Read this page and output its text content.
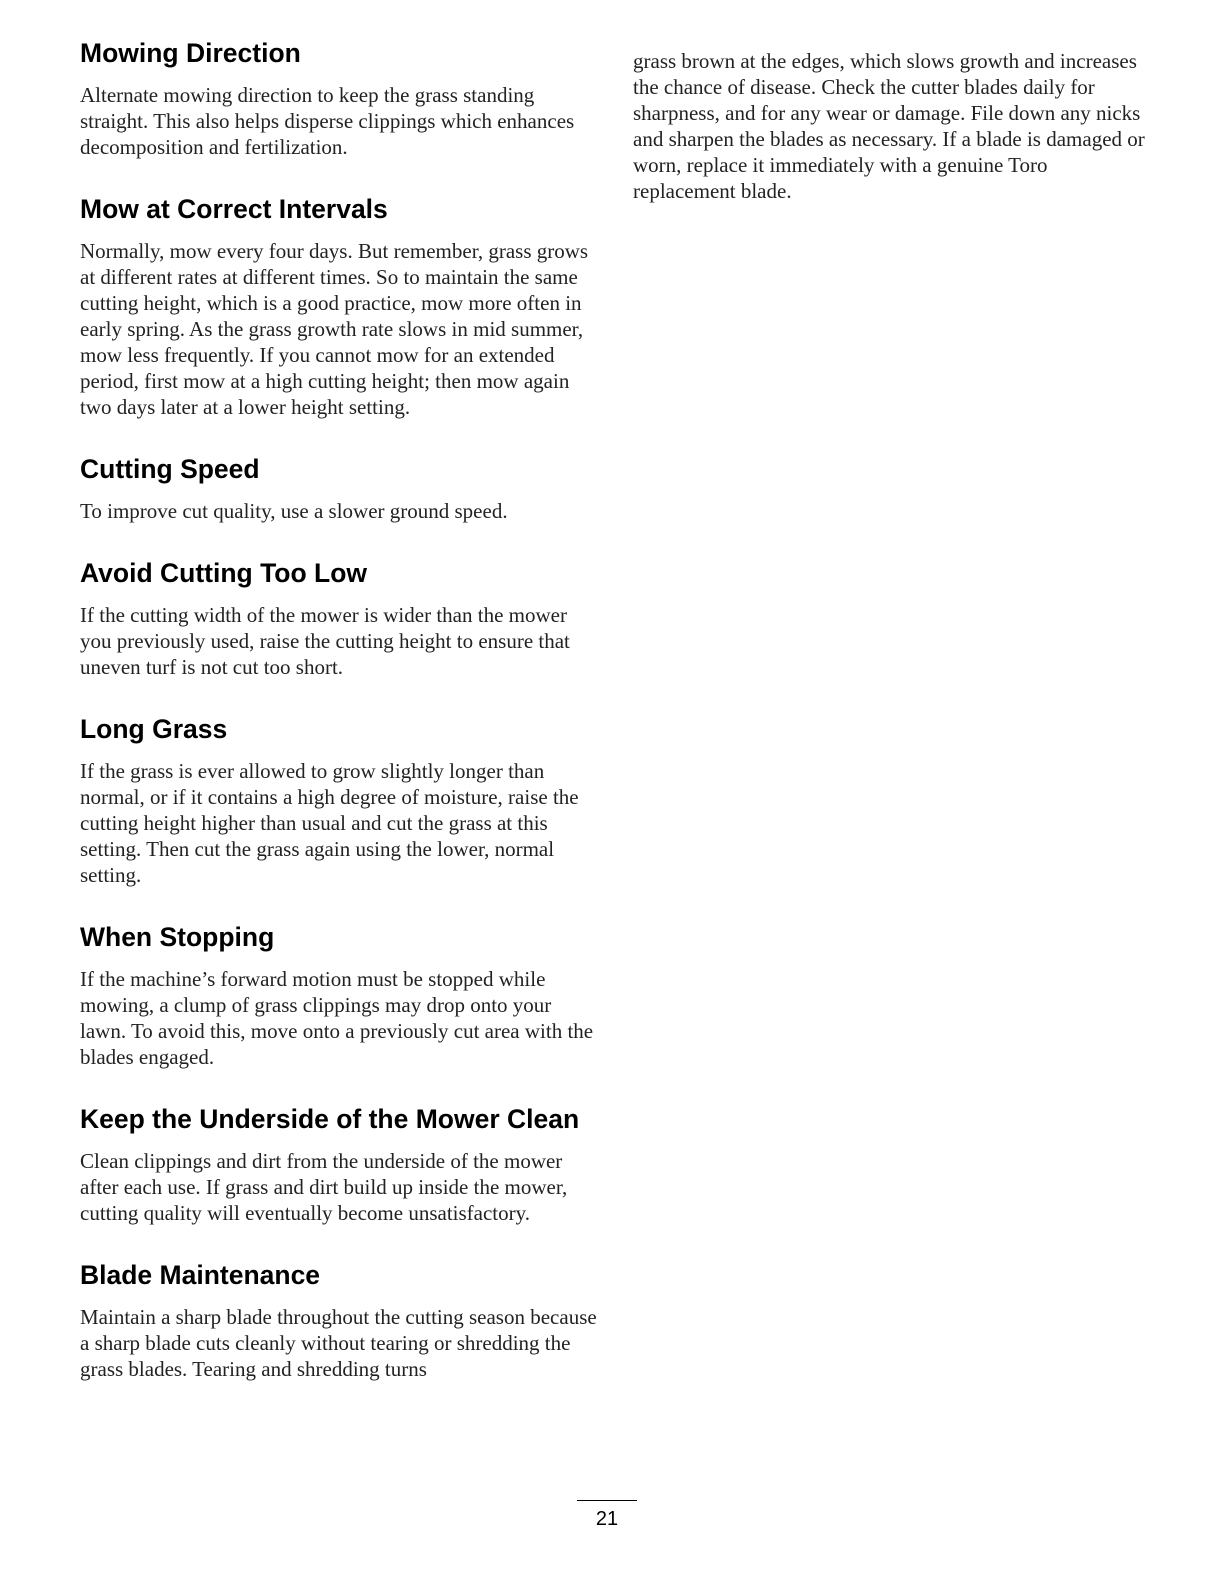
Mowing Direction

Alternate mowing direction to keep the grass standing straight. This also helps disperse clippings which enhances decomposition and fertilization.

Mow at Correct Intervals

Normally, mow every four days. But remember, grass grows at different rates at different times. So to maintain the same cutting height, which is a good practice, mow more often in early spring. As the grass growth rate slows in mid summer, mow less frequently. If you cannot mow for an extended period, first mow at a high cutting height; then mow again two days later at a lower height setting.

Cutting Speed

To improve cut quality, use a slower ground speed.

Avoid Cutting Too Low

If the cutting width of the mower is wider than the mower you previously used, raise the cutting height to ensure that uneven turf is not cut too short.

Long Grass

If the grass is ever allowed to grow slightly longer than normal, or if it contains a high degree of moisture, raise the cutting height higher than usual and cut the grass at this setting. Then cut the grass again using the lower, normal setting.

When Stopping

If the machine’s forward motion must be stopped while mowing, a clump of grass clippings may drop onto your lawn. To avoid this, move onto a previously cut area with the blades engaged.

Keep the Underside of the Mower Clean

Clean clippings and dirt from the underside of the mower after each use. If grass and dirt build up inside the mower, cutting quality will eventually become unsatisfactory.

Blade Maintenance

Maintain a sharp blade throughout the cutting season because a sharp blade cuts cleanly without tearing or shredding the grass blades. Tearing and shredding turns

grass brown at the edges, which slows growth and increases the chance of disease. Check the cutter blades daily for sharpness, and for any wear or damage. File down any nicks and sharpen the blades as necessary. If a blade is damaged or worn, replace it immediately with a genuine Toro replacement blade.

21
